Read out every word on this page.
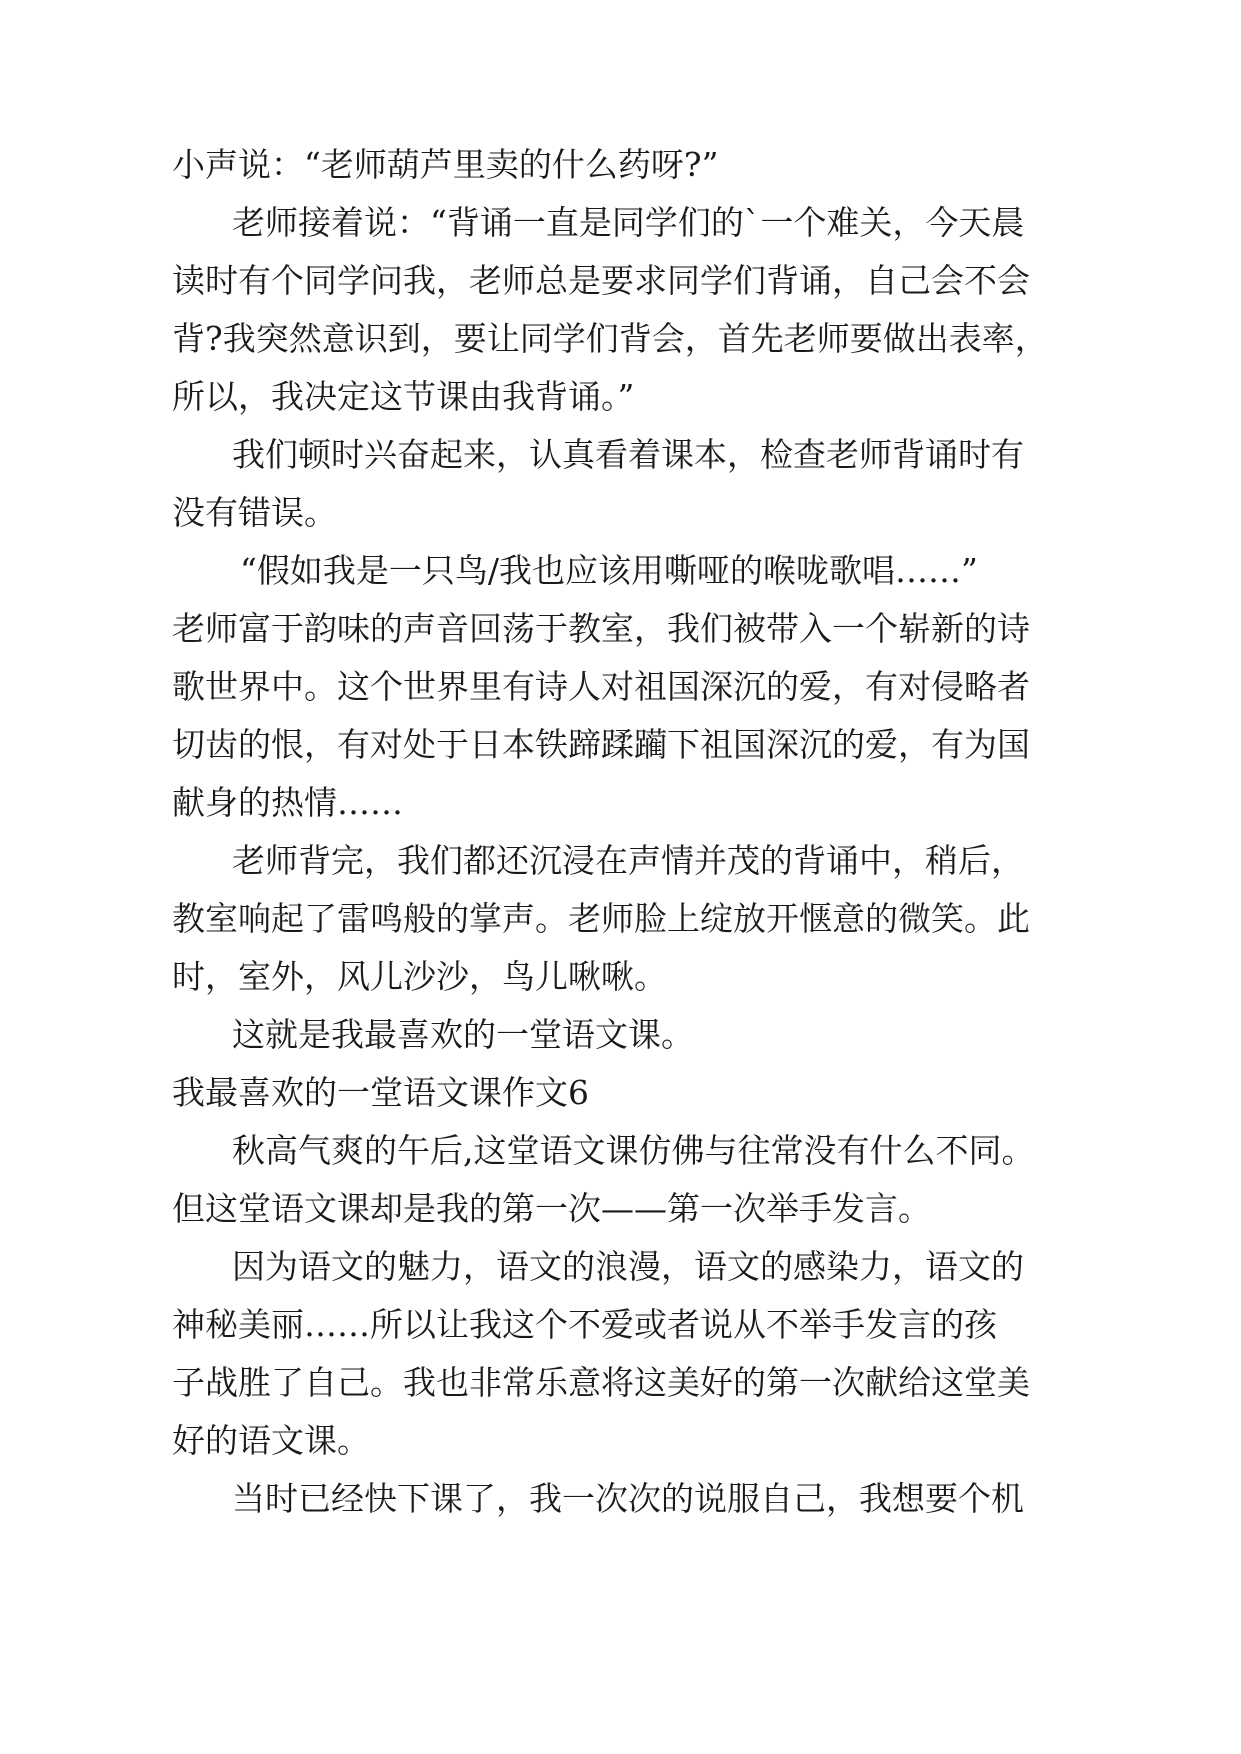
小声说：“老师葫芦里卖的什么药呀?”
老师接着说：“背诵一直是同学们的`一个难关，今天晨
读时有个同学问我，老师总是要求同学们背诵，自己会不会
背?我突然意识到，要让同学们背会，首先老师要做出表率，
所以，我决定这节课由我背诵。”
我们顿时兴奋起来，认真看着课本，检查老师背诵时有
没有错误。
“假如我是一只鸟/我也应该用嘶哑的喉咙歌唱……”
老师富于韵味的声音回荡于教室，我们被带入一个崭新的诗
歌世界中。这个世界里有诗人对祖国深沉的爱，有对侵略者
切齿的恨，有对处于日本铁蹄蹂躏下祖国深沉的爱，有为国
献身的热情……
老师背完，我们都还沉浸在声情并茂的背诵中，稍后，
教室响起了雷鸣般的掌声。老师脸上绽放开惬意的微笑。此
时，室外，风儿沙沙，鸟儿啾啾。
这就是我最喜欢的一堂语文课。
我最喜欢的一堂语文课作文6
秋高气爽的午后,这堂语文课仿佛与往常没有什么不同。
但这堂语文课却是我的第一次——第一次举手发言。
因为语文的魅力，语文的浪漫，语文的感染力，语文的
神秘美丽……所以让我这个不爱或者说从不举手发言的孩
子战胜了自己。我也非常乐意将这美好的第一次献给这堂美
好的语文课。
当时已经快下课了，我一次次的说服自己，我想要个机
